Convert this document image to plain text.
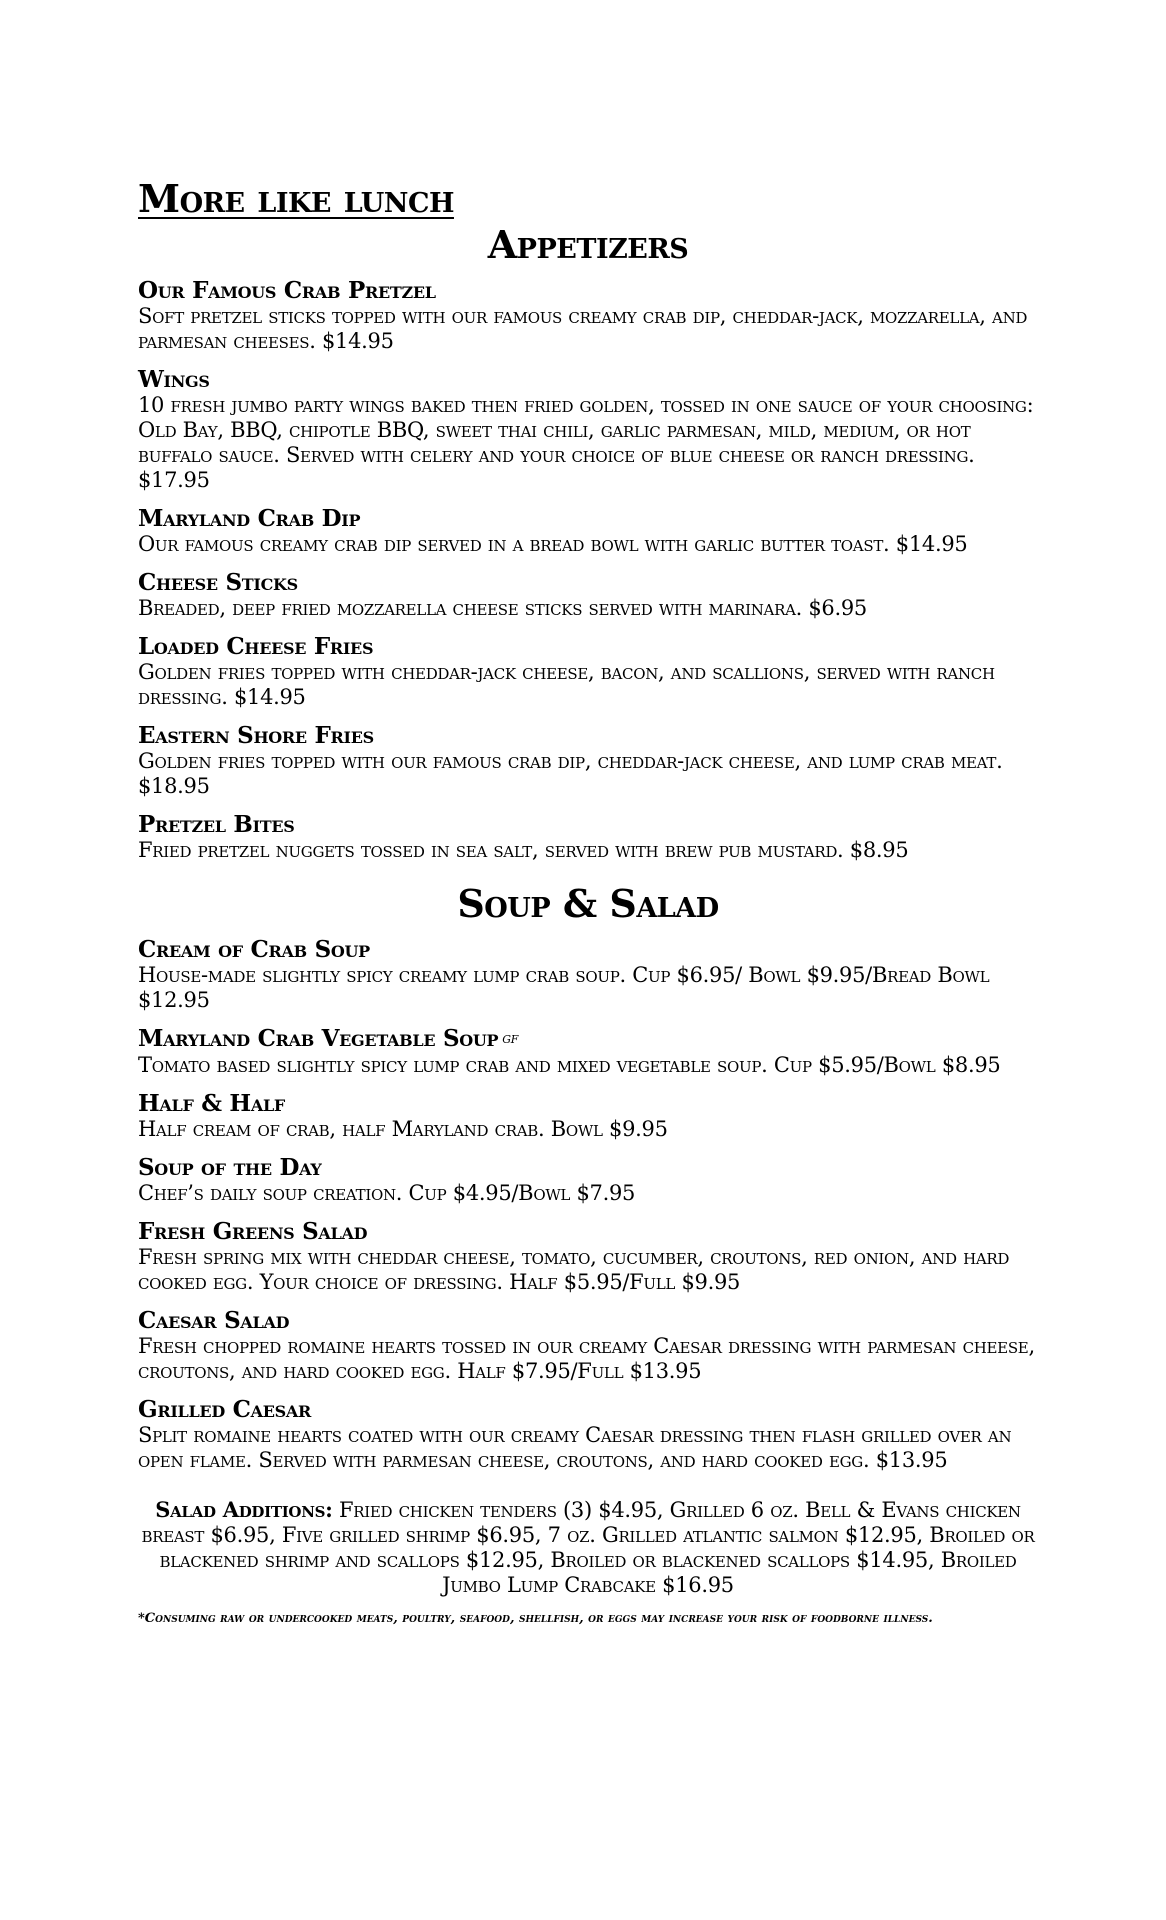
More like lunch
Appetizers
Our Famous Crab Pretzel
Soft pretzel sticks topped with our famous creamy crab dip, cheddar-jack, mozzarella, and parmesan cheeses. $14.95
Wings
10 fresh jumbo party wings baked then fried golden, tossed in one sauce of your choosing: Old Bay, BBQ, chipotle BBQ, sweet thai chili, garlic parmesan, mild, medium, or hot buffalo sauce. Served with celery and your choice of blue cheese or ranch dressing. $17.95
Maryland Crab Dip
Our famous creamy crab dip served in a bread bowl with garlic butter toast. $14.95
Cheese Sticks
Breaded, deep fried mozzarella cheese sticks served with marinara. $6.95
Loaded Cheese Fries
Golden fries topped with cheddar-jack cheese, bacon, and scallions, served with ranch dressing. $14.95
Eastern Shore Fries
Golden fries topped with our famous crab dip, cheddar-jack cheese, and lump crab meat. $18.95
Pretzel Bites
Fried pretzel nuggets tossed in sea salt, served with brew pub mustard. $8.95
Soup & Salad
Cream of Crab Soup
House-made slightly spicy creamy lump crab soup. Cup $6.95/ Bowl $9.95/Bread Bowl $12.95
Maryland Crab Vegetable Soup GF
Tomato based slightly spicy lump crab and mixed vegetable soup. Cup $5.95/Bowl $8.95
Half & Half
Half cream of crab, half Maryland crab. Bowl $9.95
Soup of the Day
Chef’s daily soup creation. Cup $4.95/Bowl $7.95
Fresh Greens Salad
Fresh spring mix with cheddar cheese, tomato, cucumber, croutons, red onion, and hard cooked egg. Your choice of dressing. Half $5.95/Full $9.95
Caesar Salad
Fresh chopped romaine hearts tossed in our creamy Caesar dressing with parmesan cheese, croutons, and hard cooked egg. Half $7.95/Full $13.95
Grilled Caesar
Split romaine hearts coated with our creamy Caesar dressing then flash grilled over an open flame. Served with parmesan cheese, croutons, and hard cooked egg. $13.95
Salad Additions: Fried chicken tenders (3) $4.95, Grilled 6 oz. Bell & Evans chicken breast $6.95, Five grilled shrimp $6.95, 7 oz. Grilled atlantic salmon $12.95, Broiled or blackened shrimp and scallops $12.95, Broiled or blackened scallops $14.95, Broiled Jumbo Lump Crabcake $16.95
*Consuming raw or undercooked meats, poultry, seafood, shellfish, or eggs may increase your risk of foodborne illness.
